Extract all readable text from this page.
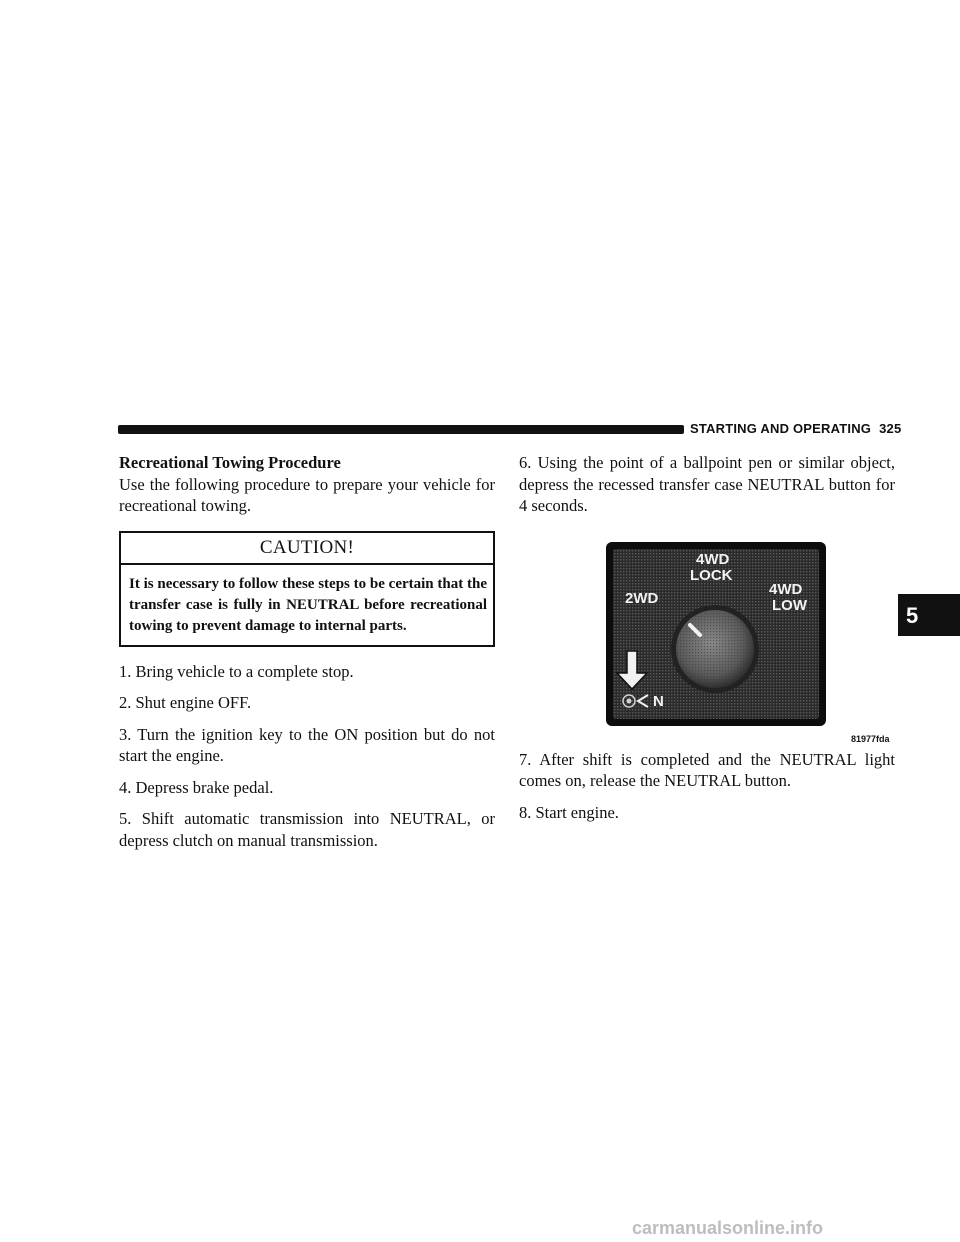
STARTING AND OPERATING 325
Recreational Towing Procedure

Use the following procedure to prepare your vehicle for recreational towing.

CAUTION!
It is necessary to follow these steps to be certain that the transfer case is fully in NEUTRAL before recreational towing to prevent damage to internal parts.

1. Bring vehicle to a complete stop.

2. Shut engine OFF.

3. Turn the ignition key to the ON position but do not start the engine.

4. Depress brake pedal.

5. Shift automatic transmission into NEUTRAL, or depress clutch on manual transmission.

6. Using the point of a ballpoint pen or similar object, depress the recessed transfer case NEUTRAL button for 4 seconds.

2WD
4WD
LOCK
4WD
LOW
N
81977fda

7. After shift is completed and the NEUTRAL light comes on, release the NEUTRAL button.

8. Start engine.

5
carmanualsonline.info
